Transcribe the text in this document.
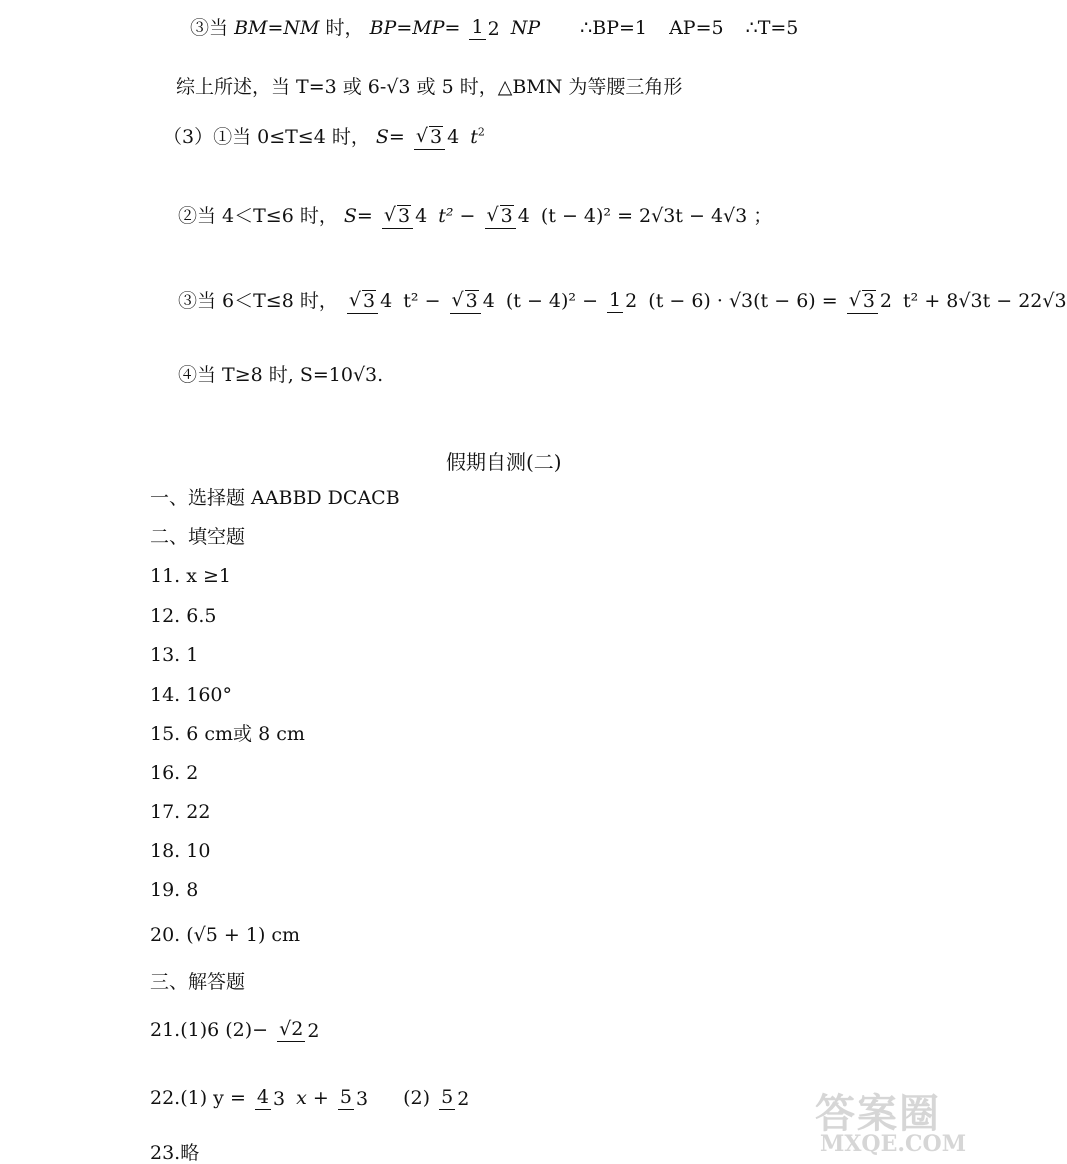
③当 BM=NM 时， BP=MP= 1 2 NP ∴BP=1 AP=5 ∴T=5
综上所述，当 T=3 或 6-√3 或 5 时，△BMN 为等腰三角形
（3）①当 0≤T≤4 时， S= √ 3 4 $t^2$
②当 4＜T≤6 时， S= √ 3 4 t² − √ 3 4 (t − 4)² = 2√3t − 4√3 ；
③当 6＜T≤8 时， √ 3 4 t² − √ 3 4 (t − 4)² − 1 2 (t − 6) · √3(t − 6) = √ 3 2 t² + 8√3t − 22√3
④当 T≥8 时, S=10√3.
假期自测(二)
一、选择题 AABBD DCACB
二、填空题
11. x ≥1
12. 6.5
13. 1
14. 160°
15. 6 cm或 8 cm
16. 2
17. 22
18. 10
19. 8
20. (√5 + 1) cm
三、解答题
21.(1)6 (2)− √2 2
22.(1) y = 4 3 x + 5 3 (2) 5 2
23.略
答案圈
MXQE.COM
